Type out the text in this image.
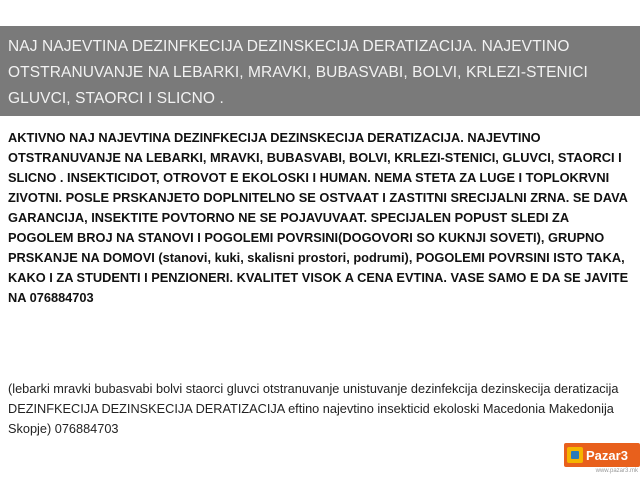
NAJ NAJEVTINA DEZINFKECIJA DEZINSKECIJA DERATIZACIJA. NAJEVTINO OTSTRANUVANJE NA LEBARKI, MRAVKI, BUBASVABI, BOLVI, KRLEZI-STENICI GLUVCI, STAORCI I SLICNO .
AKTIVNO NAJ NAJEVTINA DEZINFKECIJA DEZINSKECIJA DERATIZACIJA. NAJEVTINO OTSTRANUVANJE NA LEBARKI, MRAVKI, BUBASVABI, BOLVI, KRLEZI-STENICI, GLUVCI, STAORCI I SLICNO . INSEKTICIDOT, OTROVOT E EKOLOSKI I HUMAN. NEMA STETA ZA LUGE I TOPLOKRVNI ZIVOTNI. POSLE PRSKANJETO DOPLNITELNO SE OSTVAAT I ZASTITNI SRECIJALNI ZRNA. SE DAVA GARANCIJA, INSEKTITE POVTORNO NE SE POJAVUVAAT. SPECIJALEN POPUST SLEDI ZA POGOLEM BROJ NA STANOVI I POGOLEMI POVRSINI(DOGOVORI SO KUKNJI SOVETI), GRUPNO PRSKANJE NA DOMOVI (stanovi, kuki, skalisni prostori, podrumi), POGOLEMI POVRSINI ISTO TAKA, KAKO I ZA STUDENTI I PENZIONERI. KVALITET VISOK A CENA EVTINA. VASE SAMO E DA SE JAVITE NA 076884703
(lebarki mravki bubasvabi bolvi staorci gluvci otstranuvanje unistuvanje dezinfekcija dezinskecija deratizacija DEZINFKECIJA DEZINSKECIJA DERATIZACIJA eftino najevtino insekticid ekoloski Macedonia Makedonija Skopje) 076884703
Pazar3
www.pazar3.mk
